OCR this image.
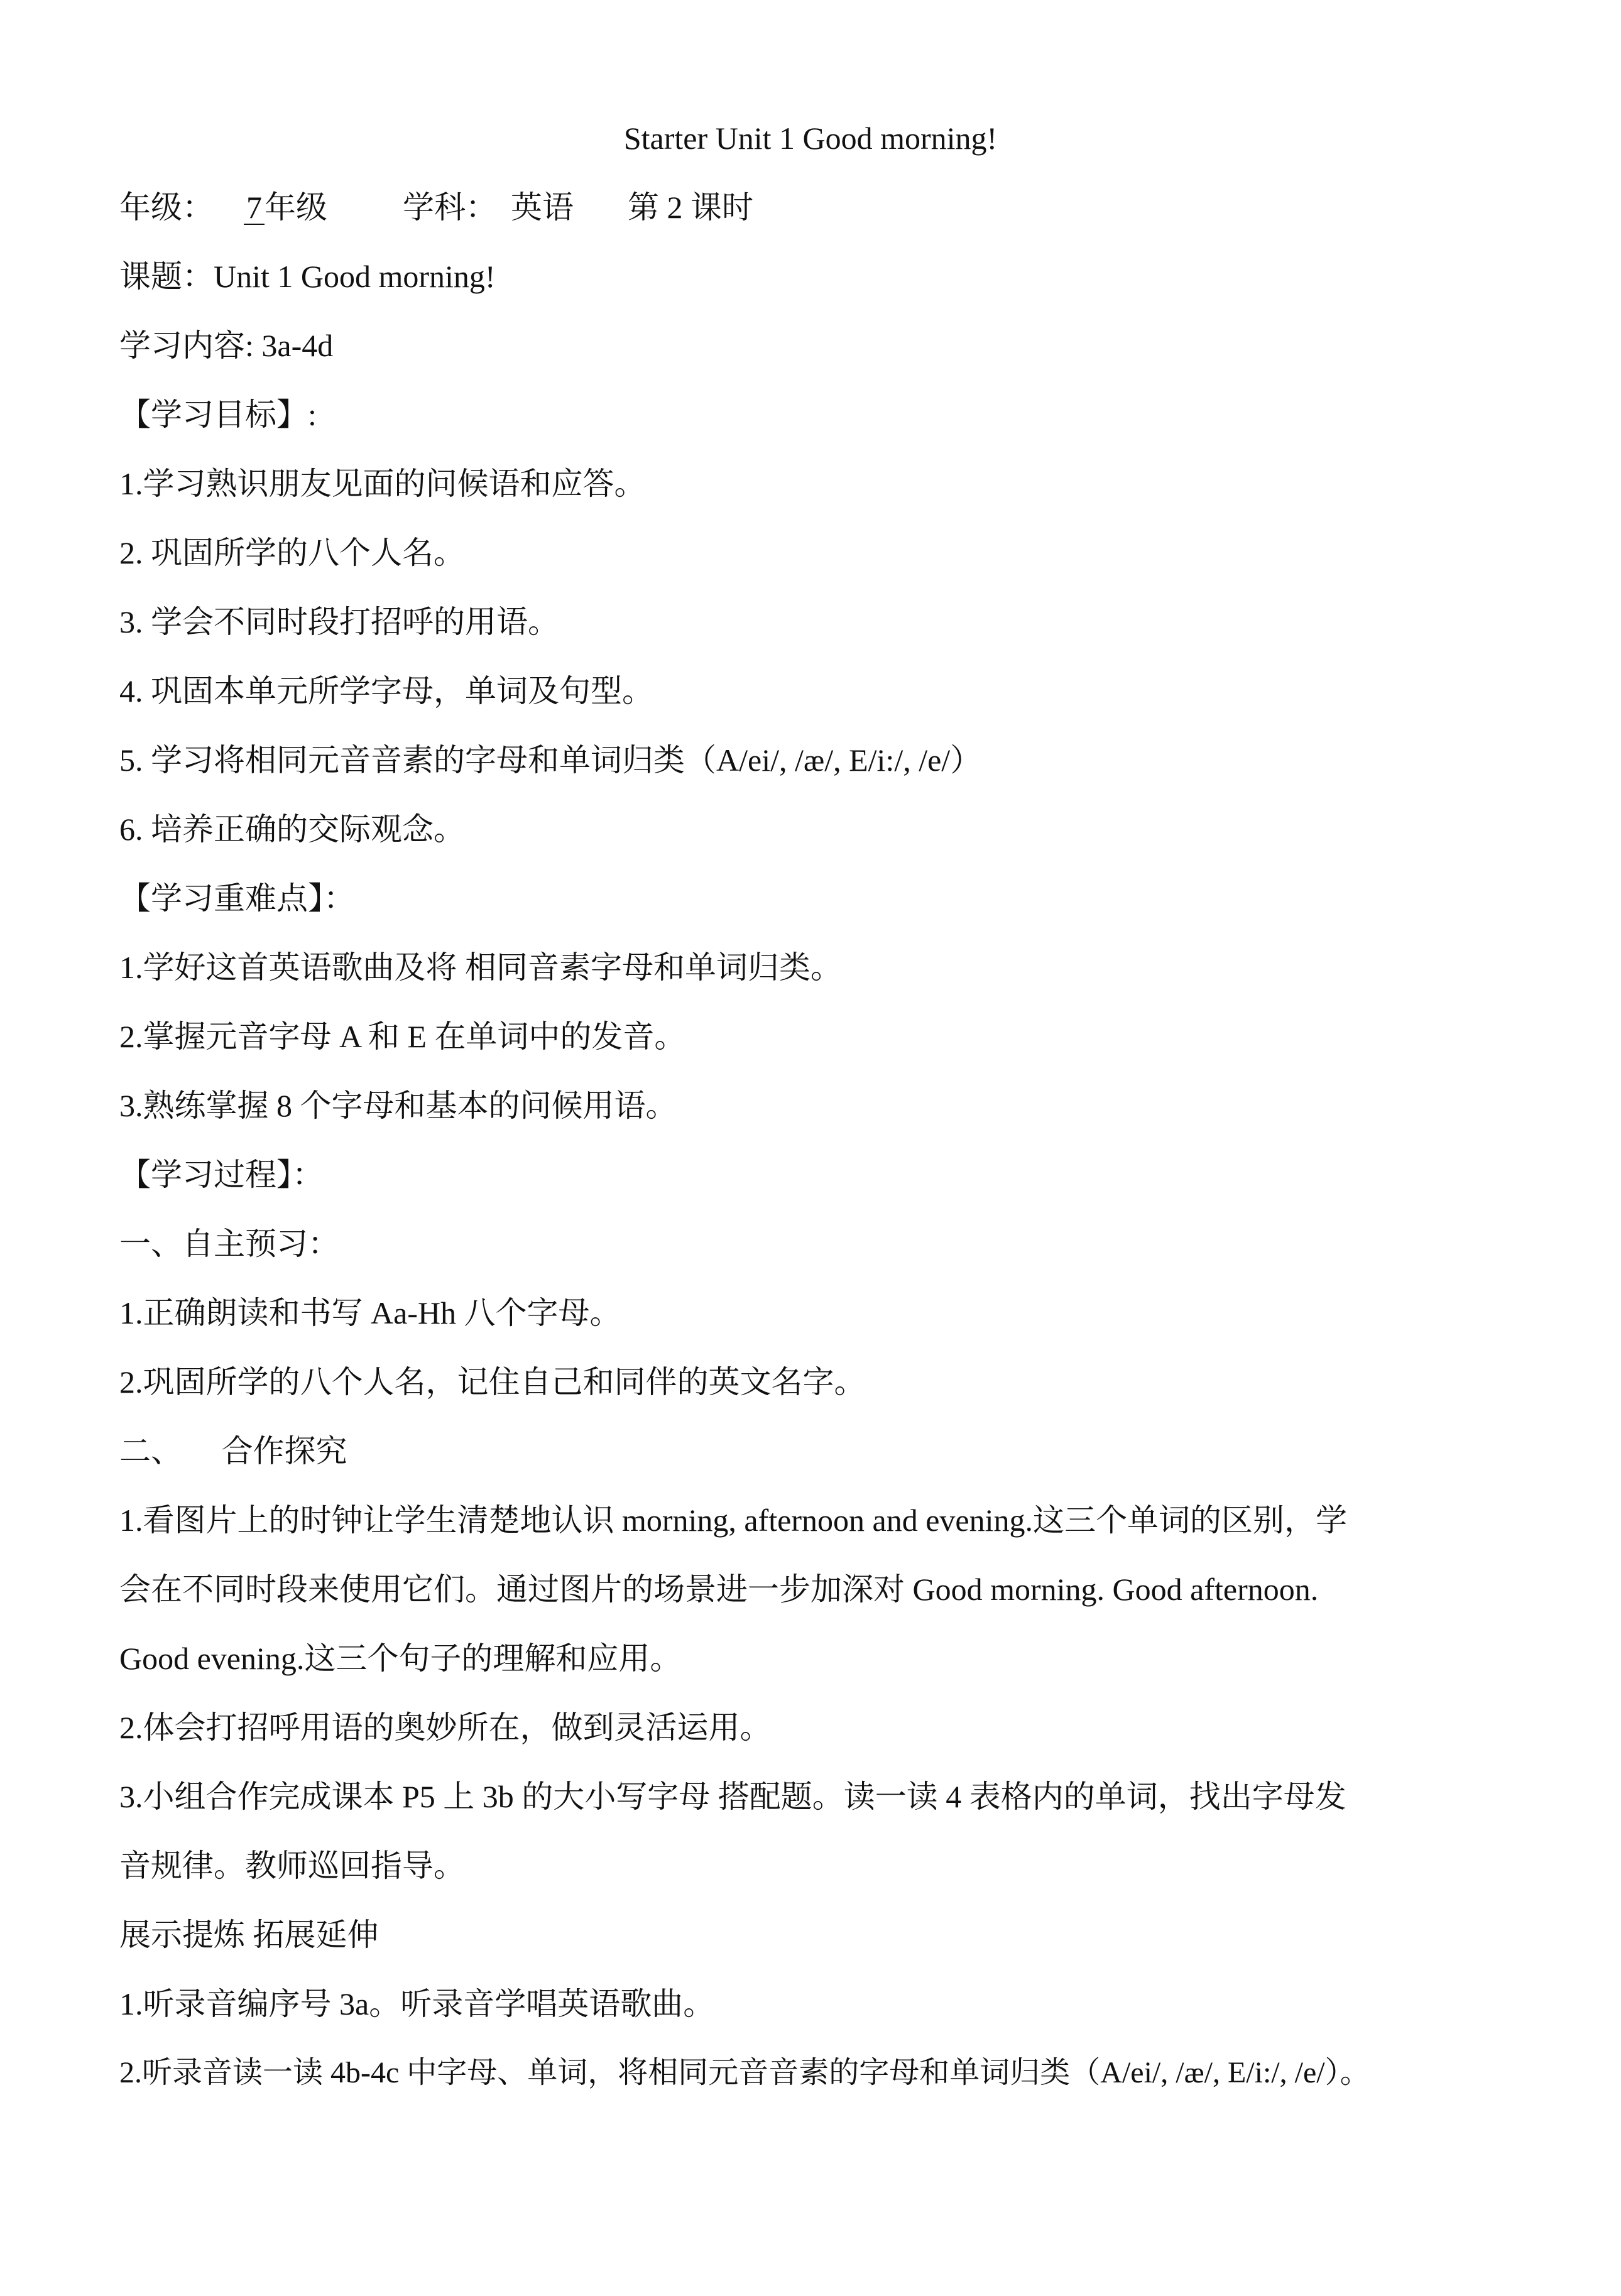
Starter Unit 1 Good morning!
年级： 7年级 学科： 英语 第 2 课时
课题：Unit 1 Good morning!
学习内容: 3a-4d
【学习目标】:
1.学习熟识朋友见面的问候语和应答。
2. 巩固所学的八个人名。
3. 学会不同时段打招呼的用语。
4. 巩固本单元所学字母，单词及句型。
5. 学习将相同元音音素的字母和单词归类（A/ei/, /æ/, E/i:/, /e/）
6. 培养正确的交际观念。
【学习重难点】：
1.学好这首英语歌曲及将 相同音素字母和单词归类。
2.掌握元音字母 A 和 E 在单词中的发音。
3.熟练掌握 8 个字母和基本的问候用语。
【学习过程】：
一、自主预习：
1.正确朗读和书写 Aa-Hh 八个字母。
2.巩固所学的八个人名，记住自己和同伴的英文名字。
二、     合作探究
1.看图片上的时钟让学生清楚地认识 morning, afternoon and evening.这三个单词的区别，学
会在不同时段来使用它们。通过图片的场景进一步加深对 Good morning. Good afternoon.
Good evening.这三个句子的理解和应用。
2.体会打招呼用语的奥妙所在，做到灵活运用。
3.小组合作完成课本 P5 上 3b 的大小写字母 搭配题。读一读 4 表格内的单词，找出字母发
音规律。教师巡回指导。
展示提炼 拓展延伸
1.听录音编序号 3a。听录音学唱英语歌曲。
2.听录音读一读 4b-4c 中字母、单词，将相同元音音素的字母和单词归类（A/ei/, /æ/, E/i:/, /e/）。
